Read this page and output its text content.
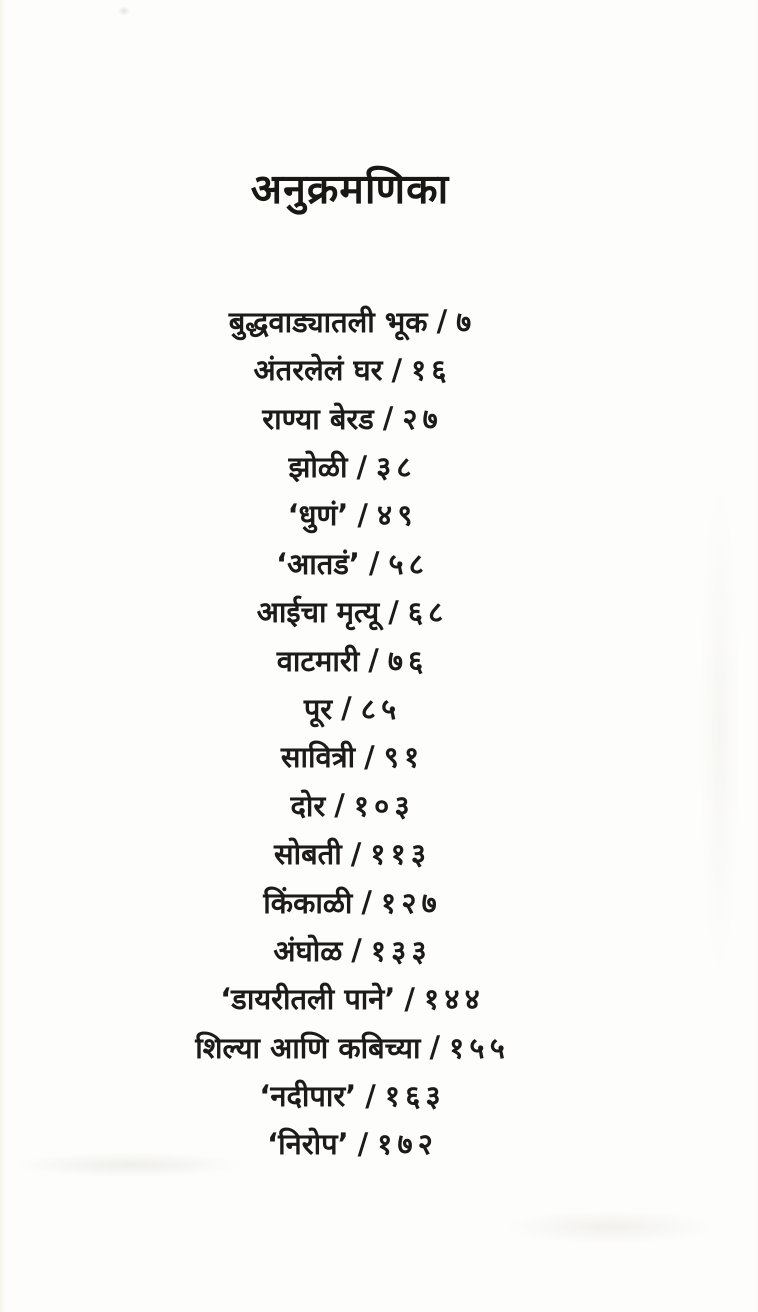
अनुक्रमणिका
बुद्धवाड्यातली भूक / ७
अंतरलेलं घर / १६
राण्या बेरड / २७
झोळी / ३८
‘धुणं’ / ४९
‘आतडं’ / ५८
आईचा मृत्यू / ६८
वाटमारी / ७६
पूर / ८५
सावित्री / ९१
दोर / १०३
सोबती / ११३
किंकाळी / १२७
अंघोळ / १३३
‘डायरीतली पाने’ / १४४
शिल्या आणि कबिच्या / १५५
‘नदीपार’ / १६३
‘निरोप’ / १७२
